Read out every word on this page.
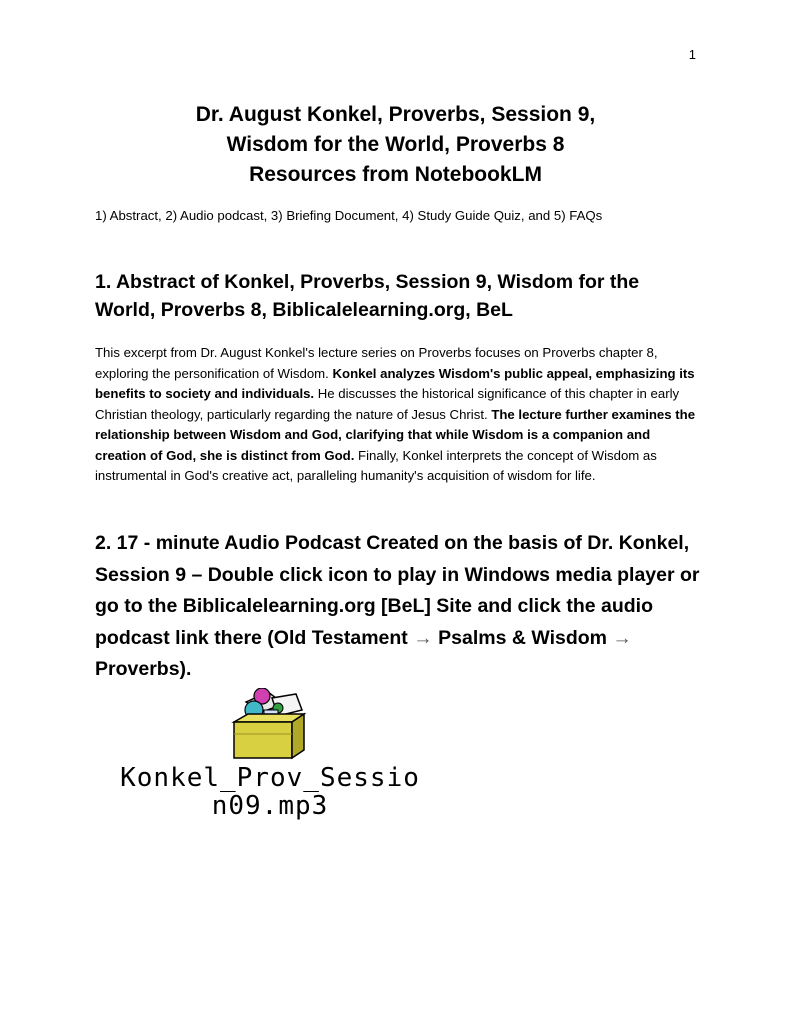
1
Dr. August Konkel, Proverbs, Session 9,
Wisdom for the World, Proverbs 8
Resources from NotebookLM
1) Abstract, 2) Audio podcast, 3) Briefing Document, 4) Study Guide Quiz, and 5) FAQs
1. Abstract of Konkel, Proverbs, Session 9, Wisdom for the World, Proverbs 8, Biblicalelearning.org, BeL
This excerpt from Dr. August Konkel's lecture series on Proverbs focuses on Proverbs chapter 8, exploring the personification of Wisdom. Konkel analyzes Wisdom's public appeal, emphasizing its benefits to society and individuals. He discusses the historical significance of this chapter in early Christian theology, particularly regarding the nature of Jesus Christ. The lecture further examines the relationship between Wisdom and God, clarifying that while Wisdom is a companion and creation of God, she is distinct from God. Finally, Konkel interprets the concept of Wisdom as instrumental in God's creative act, paralleling humanity's acquisition of wisdom for life.
2. 17 - minute Audio Podcast Created on the basis of Dr. Konkel, Session 9 – Double click icon to play in Windows media player or go to the Biblicalelearning.org [BeL] Site and click the audio podcast link there (Old Testament → Psalms & Wisdom → Proverbs).
Konkel_Prov_Sessio
n09.mp3
